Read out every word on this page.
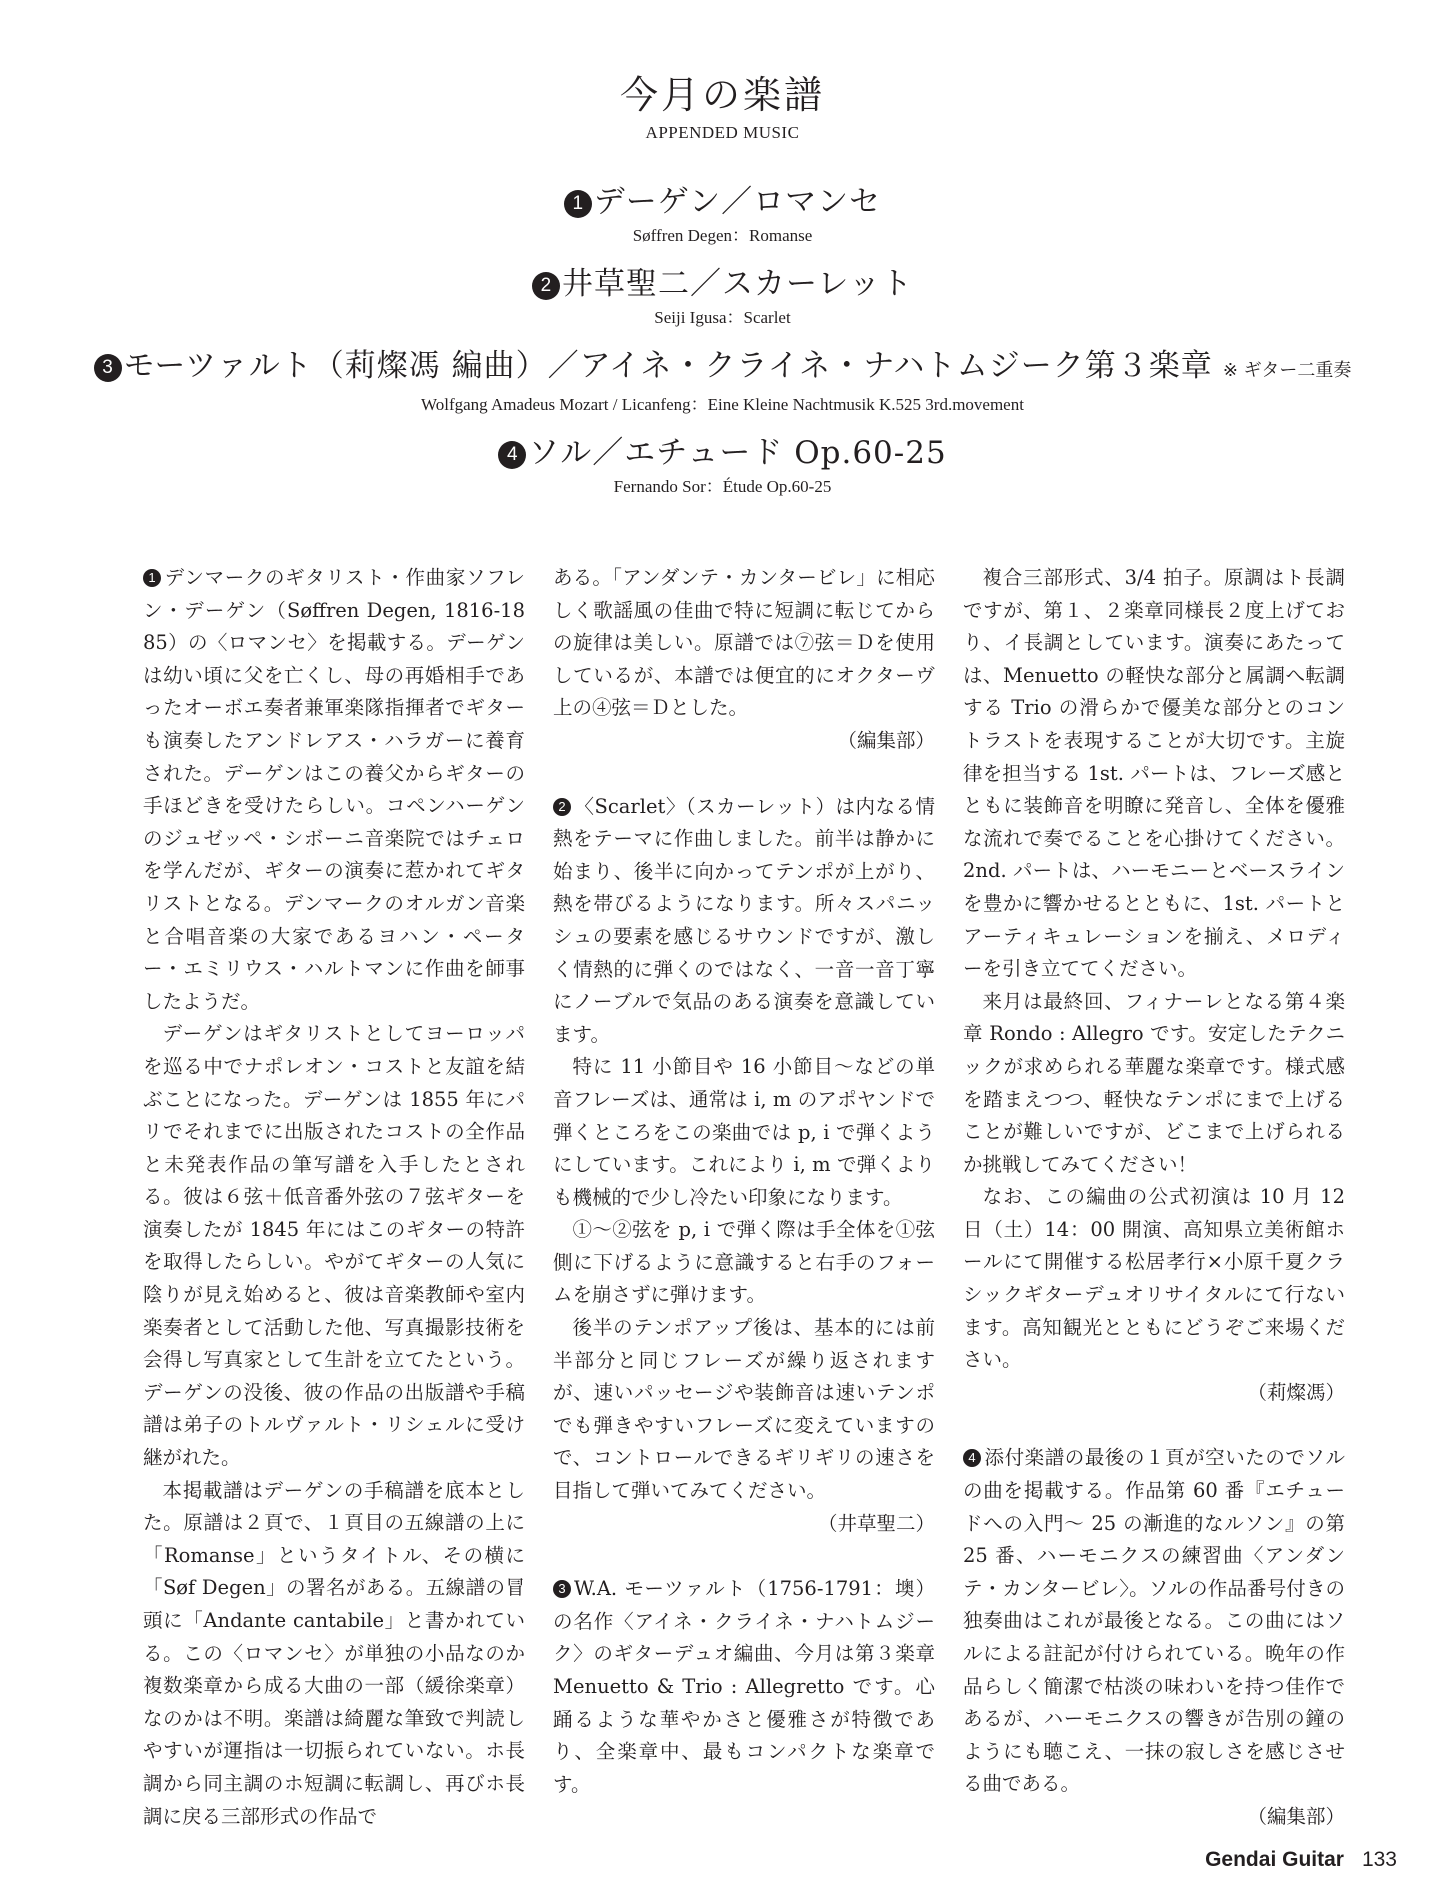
今月の楽譜
APPENDED MUSIC
1 デーゲン／ロマンセ
Søffren Degen：Romanse
2 井草聖二／スカーレット
Seiji Igusa：Scarlet
3 モーツァルト（莉燦馮 編曲）／アイネ・クライネ・ナハトムジーク第３楽章 ※ ギター二重奏
Wolfgang Amadeus Mozart / Licanfeng：Eine Kleine Nachtmusik K.525 3rd.movement
4 ソル／エチュード Op.60-25
Fernando Sor：Étude Op.60-25

1 デンマークのギタリスト・作曲家ソフレン・デーゲン（Søffren Degen, 1816-1885）の〈ロマンセ〉を掲載する。デーゲンは幼い頃に父を亡くし、母の再婚相手であったオーボエ奏者兼軍楽隊指揮者でギターも演奏したアンドレアス・ハラガーに養育された。デーゲンはこの養父からギターの手ほどきを受けたらしい。コペンハーゲンのジュゼッペ・シボーニ音楽院ではチェロを学んだが、ギターの演奏に惹かれてギタリストとなる。デンマークのオルガン音楽と合唱音楽の大家であるヨハン・ペーター・エミリウス・ハルトマンに作曲を師事したようだ。

デーゲンはギタリストとしてヨーロッパを巡る中でナポレオン・コストと友誼を結ぶことになった。デーゲンは 1855 年にパリでそれまでに出版されたコストの全作品と未発表作品の筆写譜を入手したとされる。彼は６弦＋低音番外弦の７弦ギターを演奏したが 1845 年にはこのギターの特許を取得したらしい。やがてギターの人気に陰りが見え始めると、彼は音楽教師や室内楽奏者として活動した他、写真撮影技術を会得し写真家として生計を立てたという。デーゲンの没後、彼の作品の出版譜や手稿譜は弟子のトルヴァルト・リシェルに受け継がれた。

本掲載譜はデーゲンの手稿譜を底本とした。原譜は２頁で、１頁目の五線譜の上に「Romanse」というタイトル、その横に「Søf Degen」の署名がある。五線譜の冒頭に「Andante cantabile」と書かれている。この〈ロマンセ〉が単独の小品なのか複数楽章から成る大曲の一部（緩徐楽章）なのかは不明。楽譜は綺麗な筆致で判読しやすいが運指は一切振られていない。ホ長調から同主調のホ短調に転調し、再びホ長調に戻る三部形式の作品で

ある。「アンダンテ・カンタービレ」に相応しく歌謡風の佳曲で特に短調に転じてからの旋律は美しい。原譜では⑦弦＝Ｄを使用しているが、本譜では便宜的にオクターヴ上の④弦＝Ｄとした。

（編集部）

2 〈Scarlet〉（スカーレット）は内なる情熱をテーマに作曲しました。前半は静かに始まり、後半に向かってテンポが上がり、熱を帯びるようになります。所々スパニッシュの要素を感じるサウンドですが、激しく情熱的に弾くのではなく、一音一音丁寧にノーブルで気品のある演奏を意識しています。

特に 11 小節目や 16 小節目〜などの単音フレーズは、通常は i, m のアポヤンドで弾くところをこの楽曲では p, i で弾くようにしています。これにより i, m で弾くよりも機械的で少し冷たい印象になります。

①〜②弦を p, i で弾く際は手全体を①弦側に下げるように意識すると右手のフォームを崩さずに弾けます。

後半のテンポアップ後は、基本的には前半部分と同じフレーズが繰り返されますが、速いパッセージや装飾音は速いテンポでも弾きやすいフレーズに変えていますので、コントロールできるギリギリの速さを目指して弾いてみてください。

（井草聖二）

3 W.A. モーツァルト（1756-1791：墺）の名作〈アイネ・クライネ・ナハトムジーク〉のギターデュオ編曲、今月は第３楽章 Menuetto & Trio : Allegretto です。心踊るような華やかさと優雅さが特徴であり、全楽章中、最もコンパクトな楽章です。

複合三部形式、3/4 拍子。原調はト長調ですが、第１、２楽章同様長２度上げており、イ長調としています。演奏にあたっては、Menuetto の軽快な部分と属調へ転調する Trio の滑らかで優美な部分とのコントラストを表現することが大切です。主旋律を担当する 1st. パートは、フレーズ感とともに装飾音を明瞭に発音し、全体を優雅な流れで奏でることを心掛けてください。2nd. パートは、ハーモニーとベースラインを豊かに響かせるとともに、1st. パートとアーティキュレーションを揃え、メロディーを引き立ててください。

来月は最終回、フィナーレとなる第４楽章 Rondo : Allegro です。安定したテクニックが求められる華麗な楽章です。様式感を踏まえつつ、軽快なテンポにまで上げることが難しいですが、どこまで上げられるか挑戦してみてください！

なお、この編曲の公式初演は 10 月 12 日（土）14：00 開演、高知県立美術館ホールにて開催する松居孝行×小原千夏クラシックギターデュオリサイタルにて行ないます。高知観光とともにどうぞご来場ください。

（莉燦馮）

4 添付楽譜の最後の１頁が空いたのでソルの曲を掲載する。作品第 60 番『エチュードへの入門〜 25 の漸進的なルソン』の第 25 番、ハーモニクスの練習曲〈アンダンテ・カンタービレ〉。ソルの作品番号付きの独奏曲はこれが最後となる。この曲にはソルによる註記が付けられている。晩年の作品らしく簡潔で枯淡の味わいを持つ佳作であるが、ハーモニクスの響きが告別の鐘のようにも聴こえ、一抹の寂しさを感じさせる曲である。

（編集部）

Gendai Guitar 133
